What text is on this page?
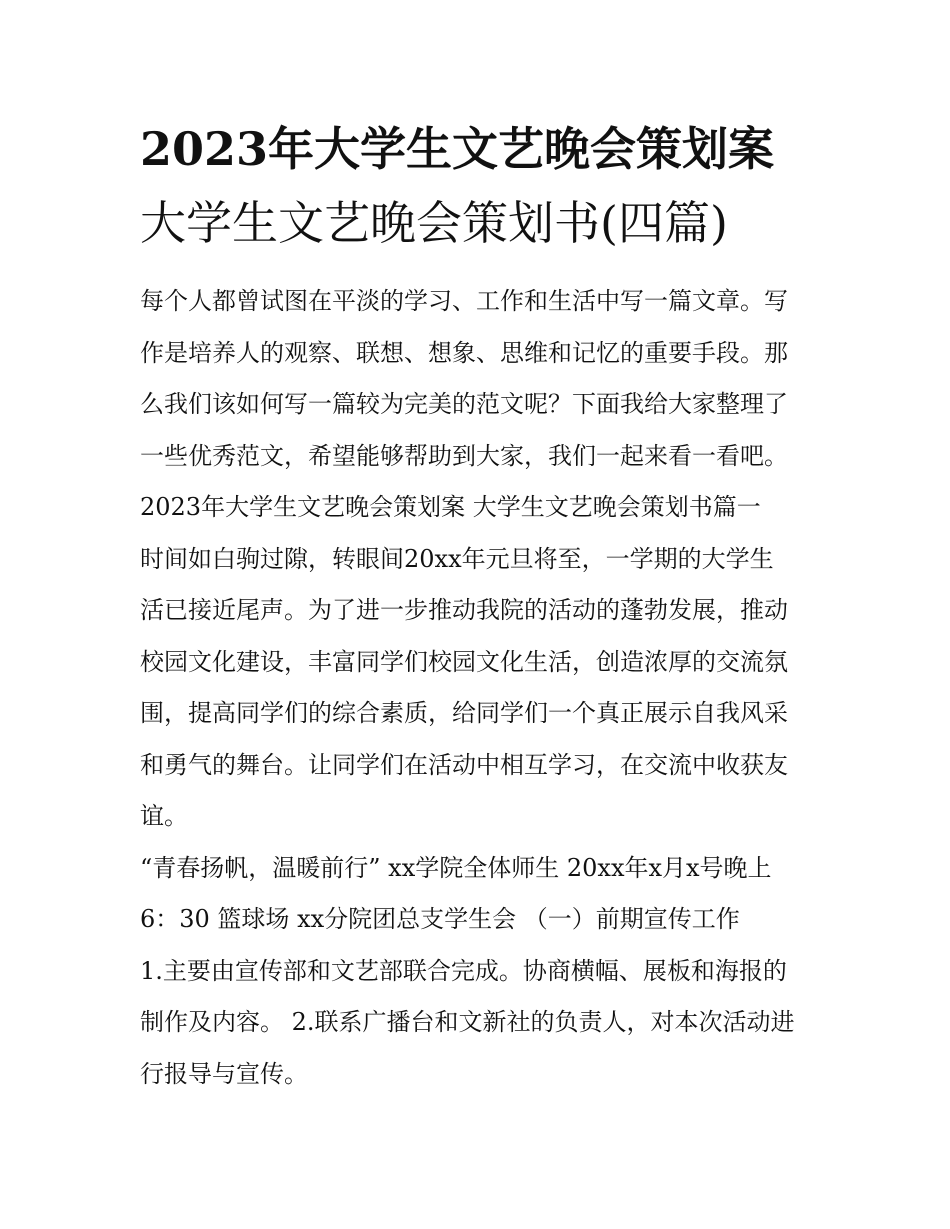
2023年大学生文艺晚会策划案
大学生文艺晚会策划书(四篇)

每个人都曾试图在平淡的学习、工作和生活中写一篇文章。写
作是培养人的观察、联想、想象、思维和记忆的重要手段。那
么我们该如何写一篇较为完美的范文呢？下面我给大家整理了
一些优秀范文，希望能够帮助到大家，我们一起来看一看吧。

2023年大学生文艺晚会策划案 大学生文艺晚会策划书篇一

时间如白驹过隙，转眼间20xx年元旦将至，一学期的大学生
活已接近尾声。为了进一步推动我院的活动的蓬勃发展，推动
校园文化建设，丰富同学们校园文化生活，创造浓厚的交流氛
围，提高同学们的综合素质，给同学们一个真正展示自我风采
和勇气的舞台。让同学们在活动中相互学习，在交流中收获友
谊。

“青春扬帆，温暖前行” xx学院全体师生 20xx年x月x号晚上
6：30 篮球场 xx分院团总支学生会 （一）前期宣传工作

1.主要由宣传部和文艺部联合完成。协商横幅、展板和海报的
制作及内容。 2.联系广播台和文新社的负责人，对本次活动进
行报导与宣传。
